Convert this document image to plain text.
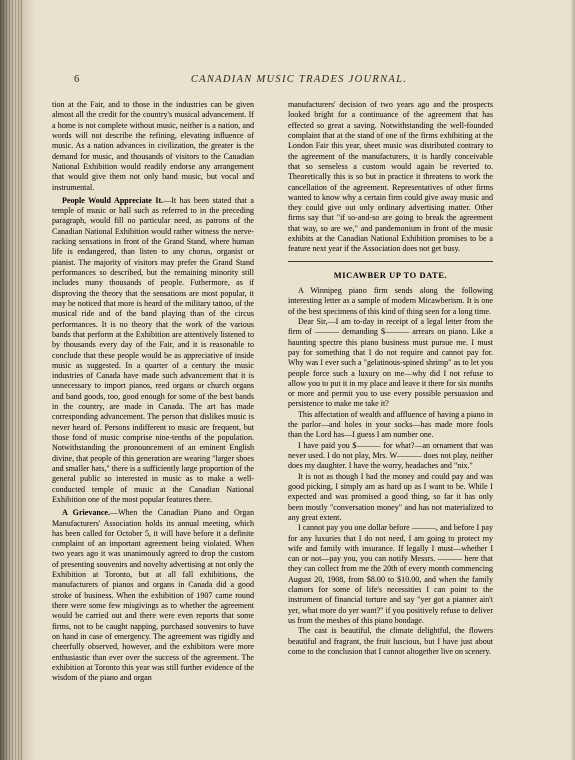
6	CANADIAN MUSIC TRADES JOURNAL.

tion at the Fair, and to those in the industries can be given almost all the credit for the country's musical advancement. If a home is not complete without music, neither is a nation, and words will not describe the refining, elevating influence of music. As a nation advances in civilization, the greater is the demand for music, and thousands of visitors to the Canadian National Exhibition would readily endorse any arrangement that would give them not only band music, but vocal and instrumental.

People Would Appreciate It.—It has been stated that a temple of music or hall such as referred to in the preceding paragraph, would fill no particular need, as patrons of the Canadian National Exhibition would rather witness the nerve-racking sensations in front of the Grand Stand, where human life is endangered, than listen to any chorus, organist or pianist. The majority of visitors may prefer the Grand Stand performances so described, but the remaining minority still includes many thousands of people. Futhermore, as if disproving the theory that the sensations are most popular, it may be noticed that more is heard of the military tattoo, of the musical ride and of the band playing than of the circus performances. It is no theory that the work of the various bands that perform at the Exhibition are attentively listened to by thousands every day of the Fair, and it is reasonable to conclude that these people would be as appreciative of inside music as suggested. In a quarter of a century the music industries of Canada have made such advancement that it is unnecessary to import pianos, reed organs or church organs and band goods, too, good enough for some of the best bands in the country, are made in Canada. The art has made corresponding advancement. The person that dislikes music is never heard of. Persons indifferent to music are frequent, but those fond of music comprise nine-tenths of the population. Notwithstanding the pronouncement of an eminent English divine, that people of this generation are wearing "larger shoes and smaller hats," there is a sufficiently large proportion of the general public so interested in music as to make a well-conducted temple of music at the Canadian National Exhibition one of the most popular features there.

A Grievance.—When the Canadian Piano and Organ Manufacturers' Association holds its annual meeting, which has been called for October 5, it will have before it a definite complaint of an important agreement being violated. When two years ago it was unanimously agreed to drop the custom of presenting souvenirs and novelty advertising at not only the Exhibition at Toronto, but at all fall exhibitions, the manufacturers of pianos and organs in Canada did a good stroke of business. When the exhibition of 1907 came round there were some few misgivings as to whether the agreement would be carried out and there were even reports that some firms, not to be caught napping, purchased souvenirs to have on hand in case of emergency. The agreement was rigidly and cheerfully observed, however, and the exhibitors were more enthusiastic than ever over the success of the agreement. The exhibition at Toronto this year was still further evidence of the wisdom of the piano and organ

manufacturers' decision of two years ago and the prospects looked bright for a continuance of the agreement that has effected so great a saving. Notwithstanding the well-founded complaint that at the stand of one of the firms exhibiting at the London Fair this year, sheet music was distributed contrary to the agreement of the manufacturers, it is hardly conceivable that so senseless a custom would again be reverted to. Theoretically this is so but in practice it threatens to work the cancellation of the agreement. Representatives of other firms wanted to know why a certain firm could give away music and they could give out only ordinary advertising matter. Other firms say that "if so-and-so are going to break the agreement that way, so are we," and pandemonium in front of the music exhibits at the Canadian National Exhibition promises to be a feature next year if the Association does not get busy.

MICAWBER UP TO DATE.

A Winnipeg piano firm sends along the following interesting letter as a sample of modern Micawberism. It is one of the best specimens of this kind of thing seen for a long time.

Dear Sir,—I am to-day in receipt of a legal letter from the firm of ——— demanding $——— arrears on piano. Like a haunting spectre this piano business must pursue me. I must pay for something that I do not require and cannot pay for. Why was I ever such a "gelatinous-spined shrimp" as to let you people force such a luxury on me—why did I not refuse to allow you to put it in my place and leave it there for six months or more and permit you to use every possible persuasion and persistence to make me take it?

This affectation of wealth and affluence of having a piano in the parlor—and holes in your socks—has made more fools than the Lord has—I guess I am number one.

I have paid you $——— for what?—an ornament that was never used. I do not play, Mrs. W——— does not play, neither does my daughter. I have the worry, headaches and "nix."

It is not as though I had the money and could pay and was good picking, I simply am as hard up as I want to be. While I expected and was promised a good thing, so far it has only been mostly "conversation money" and has not materialized to any great extent.

I cannot pay you one dollar before ———, and before I pay for any luxuries that I do not need, I am going to protect my wife and family with insurance. If legally I must—whether I can or not—pay you, you can notify Messrs. ——— here that they can collect from me the 20th of every month commencing August 20, 1908, from $8.00 to $10.00, and when the family clamors for some of life's necessities I can point to the instrument of financial torture and say "yer got a pianner ain't yer, what more do yer want?" if you positively refuse to deliver us from the meshes of this piano bondage.

The cast is beautiful, the climate delightful, the flowers beautiful and fragrant, the fruit luscious, but I have just about come to the conclusion that I cannot altogether live on scenery.
